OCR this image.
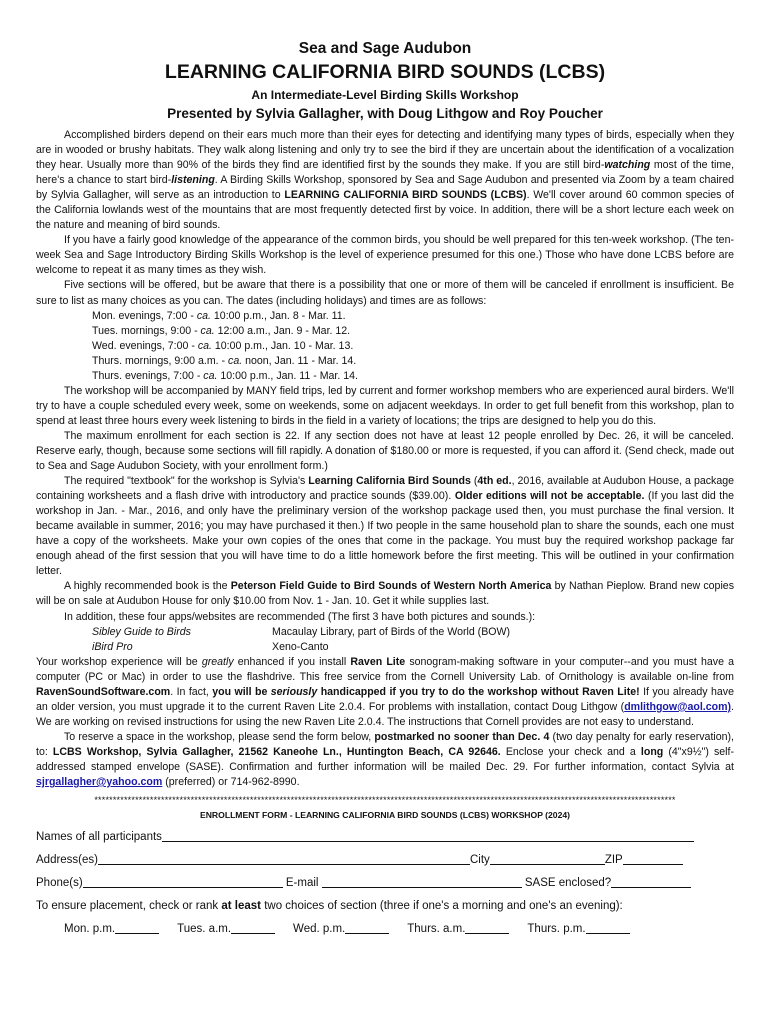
Sea and Sage Audubon
LEARNING CALIFORNIA BIRD SOUNDS (LCBS)
An Intermediate-Level Birding Skills Workshop
Presented by Sylvia Gallagher, with Doug Lithgow and Roy Poucher

Accomplished birders depend on their ears much more than their eyes for detecting and identifying many types of birds, especially when they are in wooded or brushy habitats. They walk along listening and only try to see the bird if they are uncertain about the identification of a vocalization they hear. Usually more than 90% of the birds they find are identified first by the sounds they make. If you are still bird-watching most of the time, here's a chance to start bird-listening. A Birding Skills Workshop, sponsored by Sea and Sage Audubon and presented via Zoom by a team chaired by Sylvia Gallagher, will serve as an introduction to LEARNING CALIFORNIA BIRD SOUNDS (LCBS). We'll cover around 60 common species of the California lowlands west of the mountains that are most frequently detected first by voice. In addition, there will be a short lecture each week on the nature and meaning of bird sounds.

If you have a fairly good knowledge of the appearance of the common birds, you should be well prepared for this ten-week workshop. (The ten-week Sea and Sage Introductory Birding Skills Workshop is the level of experience presumed for this one.) Those who have done LCBS before are welcome to repeat it as many times as they wish.

Five sections will be offered, but be aware that there is a possibility that one or more of them will be canceled if enrollment is insufficient. Be sure to list as many choices as you can. The dates (including holidays) and times are as follows:

Mon. evenings, 7:00 - ca. 10:00 p.m., Jan. 8 - Mar. 11.
Tues. mornings, 9:00 - ca. 12:00 a.m., Jan. 9 - Mar. 12.
Wed. evenings, 7:00 - ca. 10:00 p.m., Jan. 10 - Mar. 13.
Thurs. mornings, 9:00 a.m. - ca. noon, Jan. 11 - Mar. 14.
Thurs. evenings, 7:00 - ca. 10:00 p.m., Jan. 11 - Mar. 14.

The workshop will be accompanied by MANY field trips, led by current and former workshop members who are experienced aural birders. We'll try to have a couple scheduled every week, some on weekends, some on adjacent weekdays. In order to get full benefit from this workshop, plan to spend at least three hours every week listening to birds in the field in a variety of locations; the trips are designed to help you do this.

The maximum enrollment for each section is 22. If any section does not have at least 12 people enrolled by Dec. 26, it will be canceled. Reserve early, though, because some sections will fill rapidly. A donation of $180.00 or more is requested, if you can afford it. (Send check, made out to Sea and Sage Audubon Society, with your enrollment form.)

The required "textbook" for the workshop is Sylvia's Learning California Bird Sounds (4th ed., 2016, available at Audubon House, a package containing worksheets and a flash drive with introductory and practice sounds ($39.00). Older editions will not be acceptable. (If you last did the workshop in Jan. - Mar., 2016, and only have the preliminary version of the workshop package used then, you must purchase the final version. It became available in summer, 2016; you may have purchased it then.) If two people in the same household plan to share the sounds, each one must have a copy of the worksheets. Make your own copies of the ones that come in the package. You must buy the required workshop package far enough ahead of the first session that you will have time to do a little homework before the first meeting. This will be outlined in your confirmation letter.

A highly recommended book is the Peterson Field Guide to Bird Sounds of Western North America by Nathan Pieplow. Brand new copies will be on sale at Audubon House for only $10.00 from Nov. 1 - Jan. 10. Get it while supplies last.

In addition, these four apps/websites are recommended (The first 3 have both pictures and sounds.):

Sibley Guide to Birds	Macaulay Library, part of Birds of the World (BOW)
iBird Pro	Xeno-Canto

Your workshop experience will be greatly enhanced if you install Raven Lite sonogram-making software in your computer--and you must have a computer (PC or Mac) in order to use the flashdrive. This free service from the Cornell University Lab. of Ornithology is available on-line from RavenSoundSoftware.com. In fact, you will be seriously handicapped if you try to do the workshop without Raven Lite! If you already have an older version, you must upgrade it to the current Raven Lite 2.0.4. For problems with installation, contact Doug Lithgow (dmlithgow@aol.com). We are working on revised instructions for using the new Raven Lite 2.0.4. The instructions that Cornell provides are not easy to understand.

To reserve a space in the workshop, please send the form below, postmarked no sooner than Dec. 4 (two day penalty for early reservation), to: LCBS Workshop, Sylvia Gallagher, 21562 Kaneohe Ln., Huntington Beach, CA 92646. Enclose your check and a long (4"x9½") self-addressed stamped envelope (SASE). Confirmation and further information will be mailed Dec. 29. For further information, contact Sylvia at sjrgallagher@yahoo.com (preferred) or 714-962-8990.

*************************************************************************************************************************************************************
ENROLLMENT FORM - LEARNING CALIFORNIA BIRD SOUNDS (LCBS) WORKSHOP (2024)
Names of all participants
Address(es)	City	ZIP
Phone(s)	E-mail	SASE enclosed?
To ensure placement, check or rank at least two choices of section (three if one's a morning and one's an evening):
Mon. p.m.	Tues. a.m.	Wed. p.m.	Thurs. a.m.	Thurs. p.m.
